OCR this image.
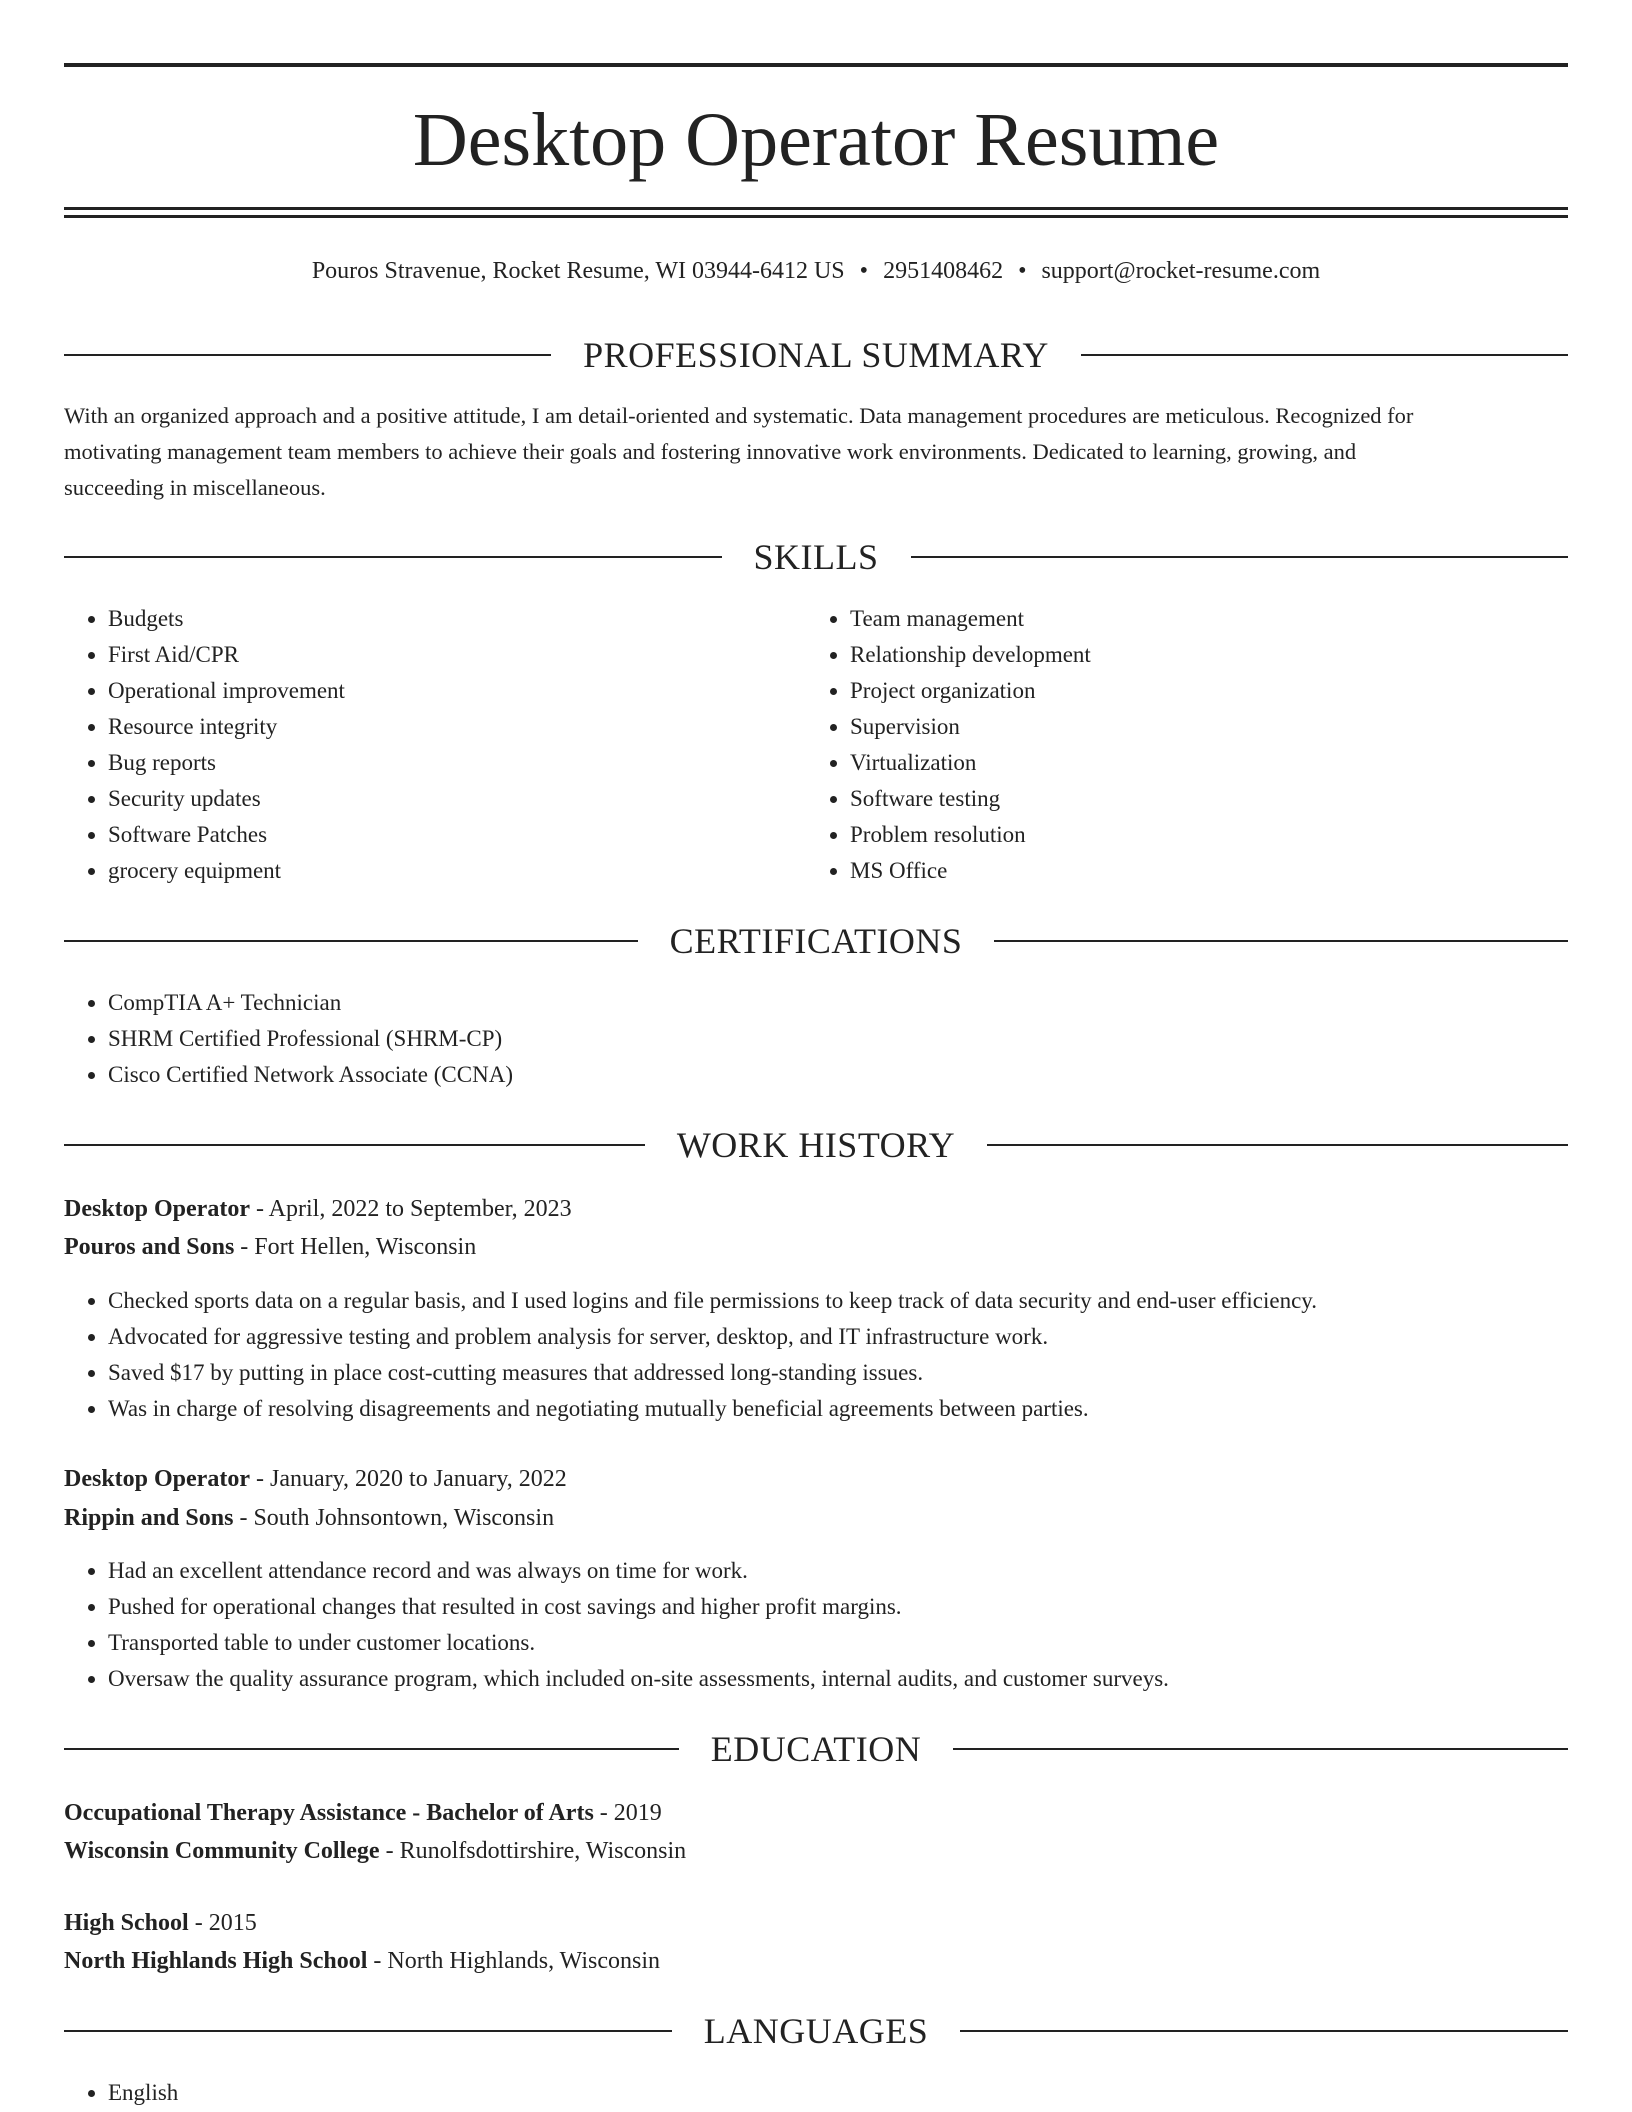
Desktop Operator Resume
Pouros Stravenue, Rocket Resume, WI 03944-6412 US • 2951408462 • support@rocket-resume.com
PROFESSIONAL SUMMARY
With an organized approach and a positive attitude, I am detail-oriented and systematic. Data management procedures are meticulous. Recognized for
motivating management team members to achieve their goals and fostering innovative work environments. Dedicated to learning, growing, and
succeeding in miscellaneous.
SKILLS
• Budgets
• First Aid/CPR
• Operational improvement
• Resource integrity
• Bug reports
• Security updates
• Software Patches
• grocery equipment
• Team management
• Relationship development
• Project organization
• Supervision
• Virtualization
• Software testing
• Problem resolution
• MS Office
CERTIFICATIONS
• CompTIA A+ Technician
• SHRM Certified Professional (SHRM-CP)
• Cisco Certified Network Associate (CCNA)
WORK HISTORY
Desktop Operator - April, 2022 to September, 2023
Pouros and Sons - Fort Hellen, Wisconsin
• Checked sports data on a regular basis, and I used logins and file permissions to keep track of data security and end-user efficiency.
• Advocated for aggressive testing and problem analysis for server, desktop, and IT infrastructure work.
• Saved $17 by putting in place cost-cutting measures that addressed long-standing issues.
• Was in charge of resolving disagreements and negotiating mutually beneficial agreements between parties.
Desktop Operator - January, 2020 to January, 2022
Rippin and Sons - South Johnsontown, Wisconsin
• Had an excellent attendance record and was always on time for work.
• Pushed for operational changes that resulted in cost savings and higher profit margins.
• Transported table to under customer locations.
• Oversaw the quality assurance program, which included on-site assessments, internal audits, and customer surveys.
EDUCATION
Occupational Therapy Assistance - Bachelor of Arts - 2019
Wisconsin Community College - Runolfsdottirshire, Wisconsin
High School - 2015
North Highlands High School - North Highlands, Wisconsin
LANGUAGES
• English
